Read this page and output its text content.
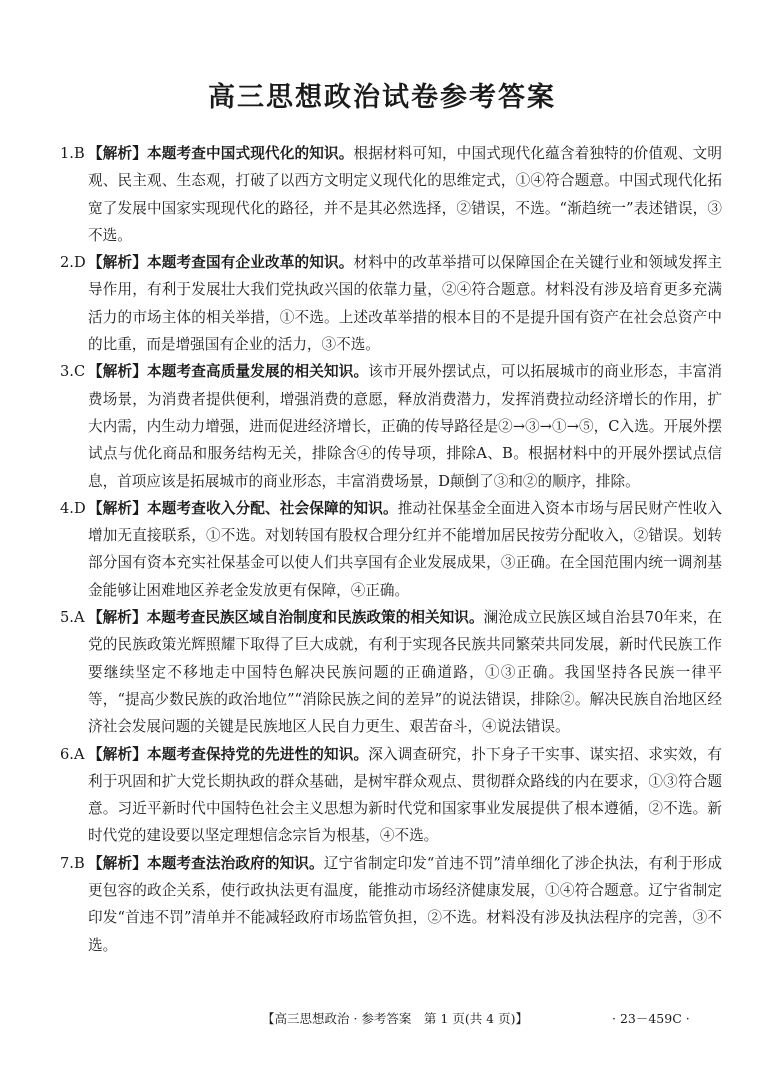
高三思想政治试卷参考答案
1.B 【解析】本题考查中国式现代化的知识。根据材料可知，中国式现代化蕴含着独特的价值观、文明观、民主观、生态观，打破了以西方文明定义现代化的思维定式，①④符合题意。中国式现代化拓宽了发展中国家实现现代化的路径，并不是其必然选择，②错误，不选。“渐趋统一”表述错误，③不选。
2.D 【解析】本题考查国有企业改革的知识。材料中的改革举措可以保障国企在关键行业和领域发挥主导作用，有利于发展壮大我们党执政兴国的依靠力量，②④符合题意。材料没有涉及培育更多充满活力的市场主体的相关举措，①不选。上述改革举措的根本目的不是提升国有资产在社会总资产中的比重，而是增强国有企业的活力，③不选。
3.C 【解析】本题考查高质量发展的相关知识。该市开展外摆试点，可以拓展城市的商业形态，丰富消费场景，为消费者提供便利，增强消费的意愿，释放消费潜力，发挥消费拉动经济增长的作用，扩大内需，内生动力增强，进而促进经济增长，正确的传导路径是②→③→①→⑤，C入选。开展外摆试点与优化商品和服务结构无关，排除含④的传导项，排除A、B。根据材料中的开展外摆试点信息，首项应该是拓展城市的商业形态，丰富消费场景，D颠倒了③和②的顺序，排除。
4.D 【解析】本题考查收入分配、社会保障的知识。推动社保基金全面进入资本市场与居民财产性收入增加无直接联系，①不选。对划转国有股权合理分红并不能增加居民按劳分配收入，②错误。划转部分国有资本充实社保基金可以使人们共享国有企业发展成果，③正确。在全国范围内统一调剂基金能够让困难地区养老金发放更有保障，④正确。
5.A 【解析】本题考查民族区域自治制度和民族政策的相关知识。澜沧成立民族区域自治县70年来，在党的民族政策光辉照耀下取得了巨大成就，有利于实现各民族共同繁荣共同发展，新时代民族工作要继续坚定不移地走中国特色解决民族问题的正确道路，①③正确。我国坚持各民族一律平等，“提高少数民族的政治地位”“消除民族之间的差异”的说法错误，排除②。解决民族自治地区经济社会发展问题的关键是民族地区人民自力更生、艰苦奋斗，④说法错误。
6.A 【解析】本题考查保持党的先进性的知识。深入调查研究，扑下身子干实事、谋实招、求实效，有利于巩固和扩大党长期执政的群众基础，是树牢群众观点、贯彻群众路线的内在要求，①③符合题意。习近平新时代中国特色社会主义思想为新时代党和国家事业发展提供了根本遵循，②不选。新时代党的建设要以坚定理想信念宗旨为根基，④不选。
7.B 【解析】本题考查法治政府的知识。辽宁省制定印发“首违不罚”清单细化了涉企执法，有利于形成更包容的政企关系，使行政执法更有温度，能推动市场经济健康发展，①④符合题意。辽宁省制定印发“首违不罚”清单并不能减轻政府市场监管负担，②不选。材料没有涉及执法程序的完善，③不选。
【高三思想政治 · 参考答案　第 1 页(共 4 页)】	· 23－459C ·
